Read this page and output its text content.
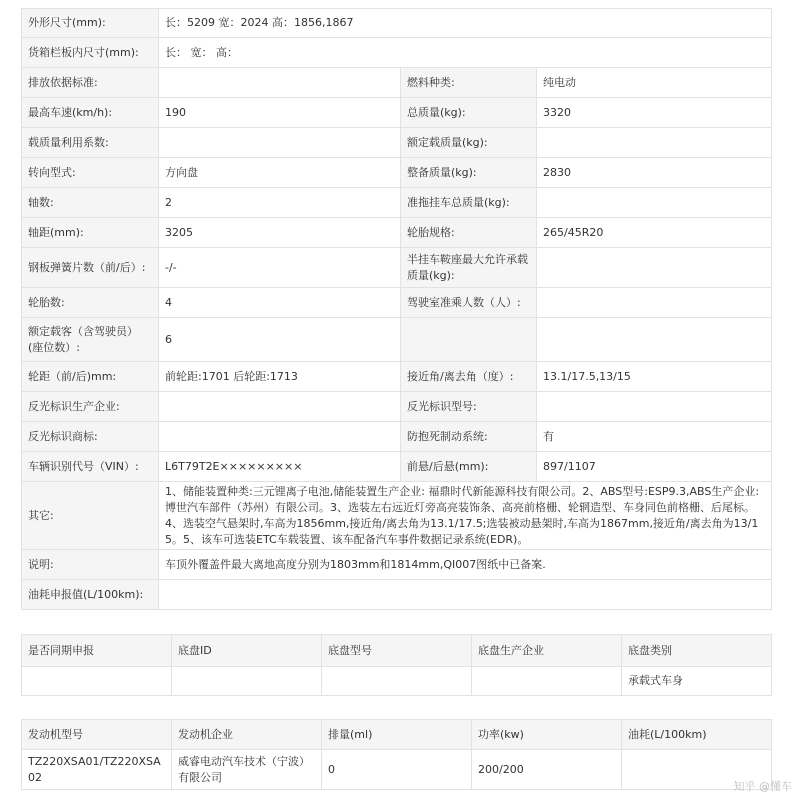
外形尺寸(mm):	长：5209 宽：2024 高：1856,1867		
货箱栏板内尺寸(mm):	长： 宽： 高：		
排放依据标准:		燃料种类:	纯电动
最高车速(km/h):	190	总质量(kg):	3320
载质量利用系数:		额定载质量(kg):	
转向型式:	方向盘	整备质量(kg):	2830
轴数:	2	准拖挂车总质量(kg):	
轴距(mm):	3205	轮胎规格:	265/45R20
钢板弹簧片数（前/后）:	-/-	半挂车鞍座最大允许承载质量(kg):	
轮胎数:	4	驾驶室准乘人数（人）:	
额定载客（含驾驶员）(座位数）:	6		
轮距（前/后)mm:	前轮距:1701 后轮距:1713	接近角/离去角（度）:	13.1/17.5,13/15
反光标识生产企业:		反光标识型号:	
反光标识商标:		防抱死制动系统:	有
车辆识别代号（VIN）:	L6T79T2E×××××××××	前悬/后悬(mm):	897/1107
其它:	1、储能装置种类:三元锂离子电池,储能装置生产企业: 福鼎时代新能源科技有限公司。2、ABS型号:ESP9.3,ABS生产企业:博世汽车部件（苏州）有限公司。3、选装左右远近灯旁高亮装饰条、高亮前格栅、轮辋造型、车身同色前格栅、后尾标。4、选装空气悬架时,车高为1856mm,接近角/离去角为13.1/17.5;选装被动悬架时,车高为1867mm,接近角/离去角为13/15。5、该车可选装ETC车载装置、该车配备汽车事件数据记录系统(EDR)。		
说明:	车顶外覆盖件最大离地高度分别为1803mm和1814mm,QI007图纸中已备案.		
油耗申报值(L/100km):			
是否同期申报	底盘ID	底盘型号	底盘生产企业	底盘类别
				承载式车身
发动机型号	发动机企业	排量(ml)	功率(kw)	油耗(L/100km)
TZ220XSA01/TZ220XSA02	威睿电动汽车技术（宁波）有限公司	0	200/200	
知乎 @懂车
